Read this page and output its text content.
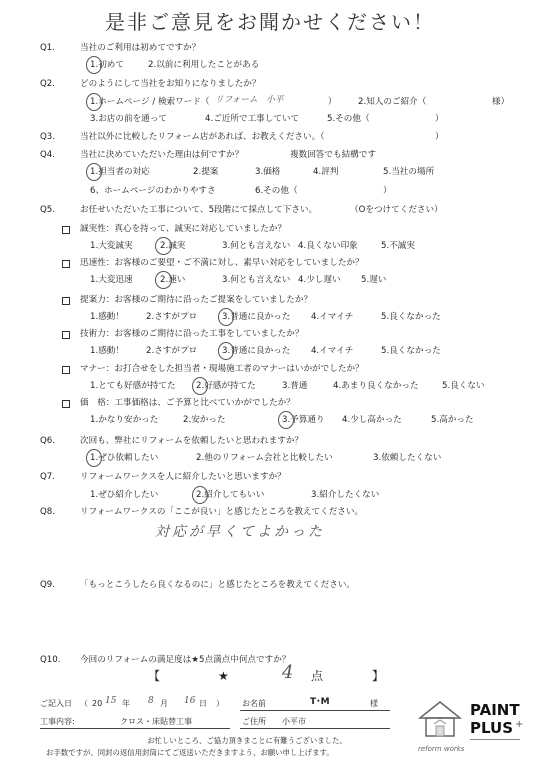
是非ご意見をお聞かせください！
Q1.	当社のご利用は初めてですか？
1.初めて	2.以前に利用したことがある
Q2.	どのようにして当社をお知りになりましたか？
1.ホームページ / 検索ワード（ リフォーム　小平	） 2.知人のご紹介（	様）
3.お店の前を通って	4.ご近所で工事していて	5.その他（	）
Q3.	当社以外に比較したリフォーム店があれば、お教えください。（	）
Q4.	当社に決めていただいた理由は何ですか？	複数回答でも結構です
1.担当者の対応	2.提案	3.価格	4.評判	5.当社の場所
6、ホームページのわかりやすさ	6.その他（	）
Q5.	お任せいただいた工事について、5段階にて採点して下さい。	（Oをつけてください）
誠実性：真心を持って、誠実に対応していましたか？
1.大変誠実	2.誠実	3.何とも言えない 4.良くない印象	5.不誠実
迅速性：お客様のご要望・ご不満に対し、素早い対応をしていましたか？
1.大変迅速	2.速い	3.何とも言えない 4.少し遅い 5.遅い
提案力：お客様のご期待に沿ったご提案をしていましたか？
1.感動！	2.さすがプロ	3.普通に良かった 4.イマイチ	5.良くなかった
技術力：お客様のご期待に沿った工事をしていましたか？
1.感動！	2.さすがプロ	3.普通に良かった 4.イマイチ	5.良くなかった
マナー：お打合せをした担当者・現場施工者のマナーはいかがでしたか？
1.とても好感が持てた 2.好感が持てた	3.普通	4.あまり良くなかった	5.良くない
価　格：工事価格は、ご予算と比べていかがでしたか？
1.かなり安かった	2.安かった	3.予算通り 4.少し高かった	5.高かった
Q6.	次回も、弊社にリフォームを依頼したいと思われますか？
1.ぜひ依頼したい	2.他のリフォーム会社と比較したい	3.依頼したくない
Q7.	リフォームワークスを人に紹介したいと思いますか？
1.ぜひ紹介したい	2.紹介してもいい	3.紹介したくない
Q8.	リフォームワークスの「ここが良い」と感じたところを教えてください。
対応が早くてよかった
Q9.	「もっとこうしたら良くなるのに」と感じたところを教えてください。
Q10. 今回のリフォームの満足度は★5点満点中何点ですか？
【	★	4 点	】
ご記入日 （ 20 15 年 8 月 16 日 ） お名前	T･M	様
工事内容:	クロス・床貼替工事	ご住所 小平市
お忙しいところ、ご協力頂きまことに有難うございました。
お手数ですが、同封の返信用封筒にてご返送いただきますよう、お願い申し上げます。	reform works
PAINT
PLUS +
